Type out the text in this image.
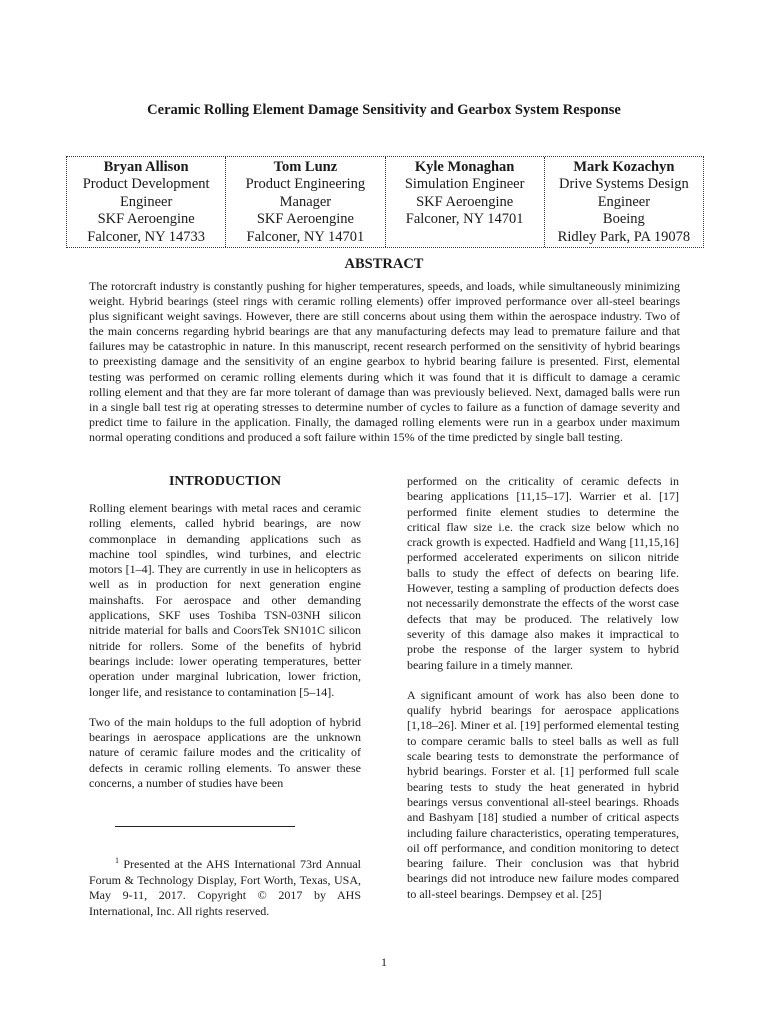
Ceramic Rolling Element Damage Sensitivity and Gearbox System Response
Bryan Allison
Product Development
Engineer
SKF Aeroengine
Falconer, NY 14733
Tom Lunz
Product Engineering
Manager
SKF Aeroengine
Falconer, NY 14701
Kyle Monaghan
Simulation Engineer
SKF Aeroengine
Falconer, NY 14701
Mark Kozachyn
Drive Systems Design
Engineer
Boeing
Ridley Park, PA 19078
ABSTRACT
The rotorcraft industry is constantly pushing for higher temperatures, speeds, and loads, while simultaneously minimizing weight. Hybrid bearings (steel rings with ceramic rolling elements) offer improved performance over all-steel bearings plus significant weight savings. However, there are still concerns about using them within the aerospace industry. Two of the main concerns regarding hybrid bearings are that any manufacturing defects may lead to premature failure and that failures may be catastrophic in nature. In this manuscript, recent research performed on the sensitivity of hybrid bearings to preexisting damage and the sensitivity of an engine gearbox to hybrid bearing failure is presented. First, elemental testing was performed on ceramic rolling elements during which it was found that it is difficult to damage a ceramic rolling element and that they are far more tolerant of damage than was previously believed. Next, damaged balls were run in a single ball test rig at operating stresses to determine number of cycles to failure as a function of damage severity and predict time to failure in the application. Finally, the damaged rolling elements were run in a gearbox under maximum normal operating conditions and produced a soft failure within 15% of the time predicted by single ball testing.
INTRODUCTION

Rolling element bearings with metal races and ceramic rolling elements, called hybrid bearings, are now commonplace in demanding applications such as machine tool spindles, wind turbines, and electric motors [1–4]. They are currently in use in helicopters as well as in production for next generation engine mainshafts. For aerospace and other demanding applications, SKF uses Toshiba TSN-03NH silicon nitride material for balls and CoorsTek SN101C silicon nitride for rollers. Some of the benefits of hybrid bearings include: lower operating temperatures, better operation under marginal lubrication, lower friction, longer life, and resistance to contamination [5–14].

Two of the main holdups to the full adoption of hybrid bearings in aerospace applications are the unknown nature of ceramic failure modes and the criticality of defects in ceramic rolling elements. To answer these concerns, a number of studies have been

$^1$ Presented at the AHS International 73rd Annual Forum & Technology Display, Fort Worth, Texas, USA, May 9-11, 2017. Copyright © 2017 by AHS International, Inc. All rights reserved.

performed on the criticality of ceramic defects in bearing applications [11,15–17]. Warrier et al. [17] performed finite element studies to determine the critical flaw size i.e. the crack size below which no crack growth is expected. Hadfield and Wang [11,15,16] performed accelerated experiments on silicon nitride balls to study the effect of defects on bearing life. However, testing a sampling of production defects does not necessarily demonstrate the effects of the worst case defects that may be produced. The relatively low severity of this damage also makes it impractical to probe the response of the larger system to hybrid bearing failure in a timely manner.

A significant amount of work has also been done to qualify hybrid bearings for aerospace applications [1,18–26]. Miner et al. [19] performed elemental testing to compare ceramic balls to steel balls as well as full scale bearing tests to demonstrate the performance of hybrid bearings. Forster et al. [1] performed full scale bearing tests to study the heat generated in hybrid bearings versus conventional all-steel bearings. Rhoads and Bashyam [18] studied a number of critical aspects including failure characteristics, operating temperatures, oil off performance, and condition monitoring to detect bearing failure. Their conclusion was that hybrid bearings did not introduce new failure modes compared to all-steel bearings. Dempsey et al. [25]

1
